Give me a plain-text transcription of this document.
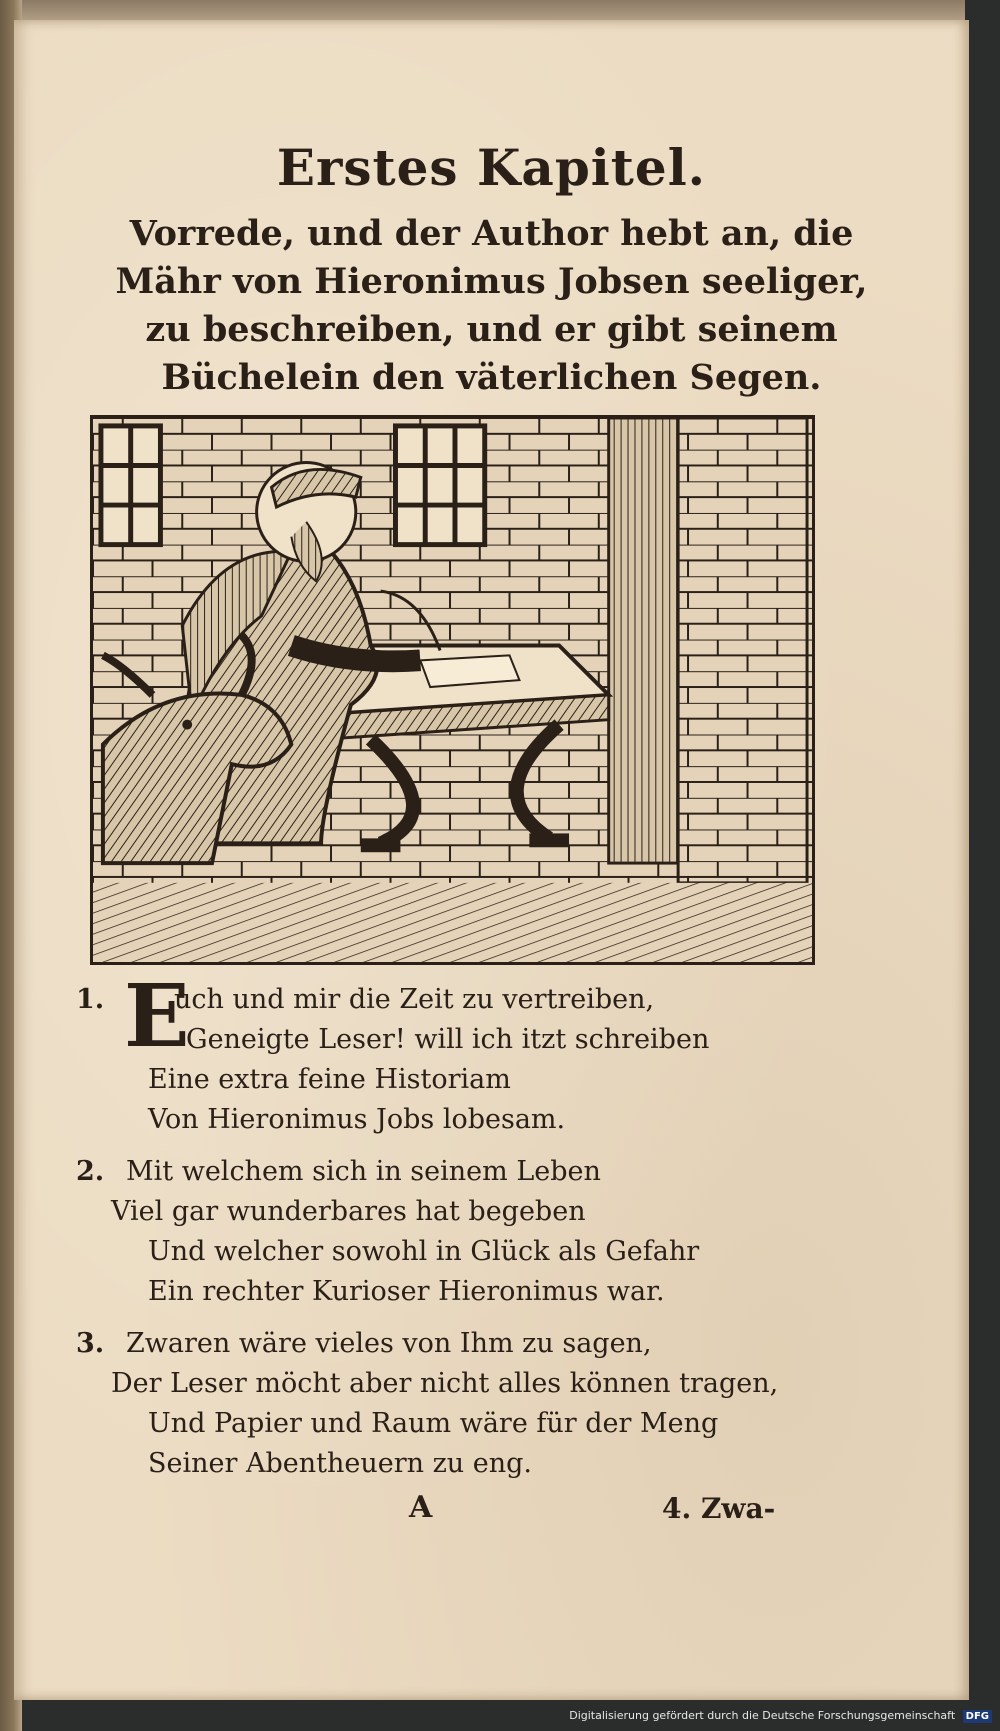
Erstes Kapitel.
Vorrede, und der Author hebt an, die
Mähr von Hieronimus Jobsen seeliger,
zu beschreiben, und er gibt seinem
Büchelein den väterlichen Segen.
E
1.	uch und mir die Zeit zu vertreiben,
Geneigte Leser! will ich itzt schreiben
Eine extra feine Historiam
Von Hieronimus Jobs lobesam.
2. Mit welchem sich in seinem Leben
Viel gar wunderbares hat begeben
Und welcher sowohl in Glück als Gefahr
Ein rechter Kurioser Hieronimus war.
3. Zwaren wäre vieles von Ihm zu sagen,
Der Leser möcht aber nicht alles können tragen,
Und Papier und Raum wäre für der Meng
Seiner Abentheuern zu eng.
A	4. Zwa-
Digitalisierung gefördert durch die Deutsche Forschungsgemeinschaft DFG
